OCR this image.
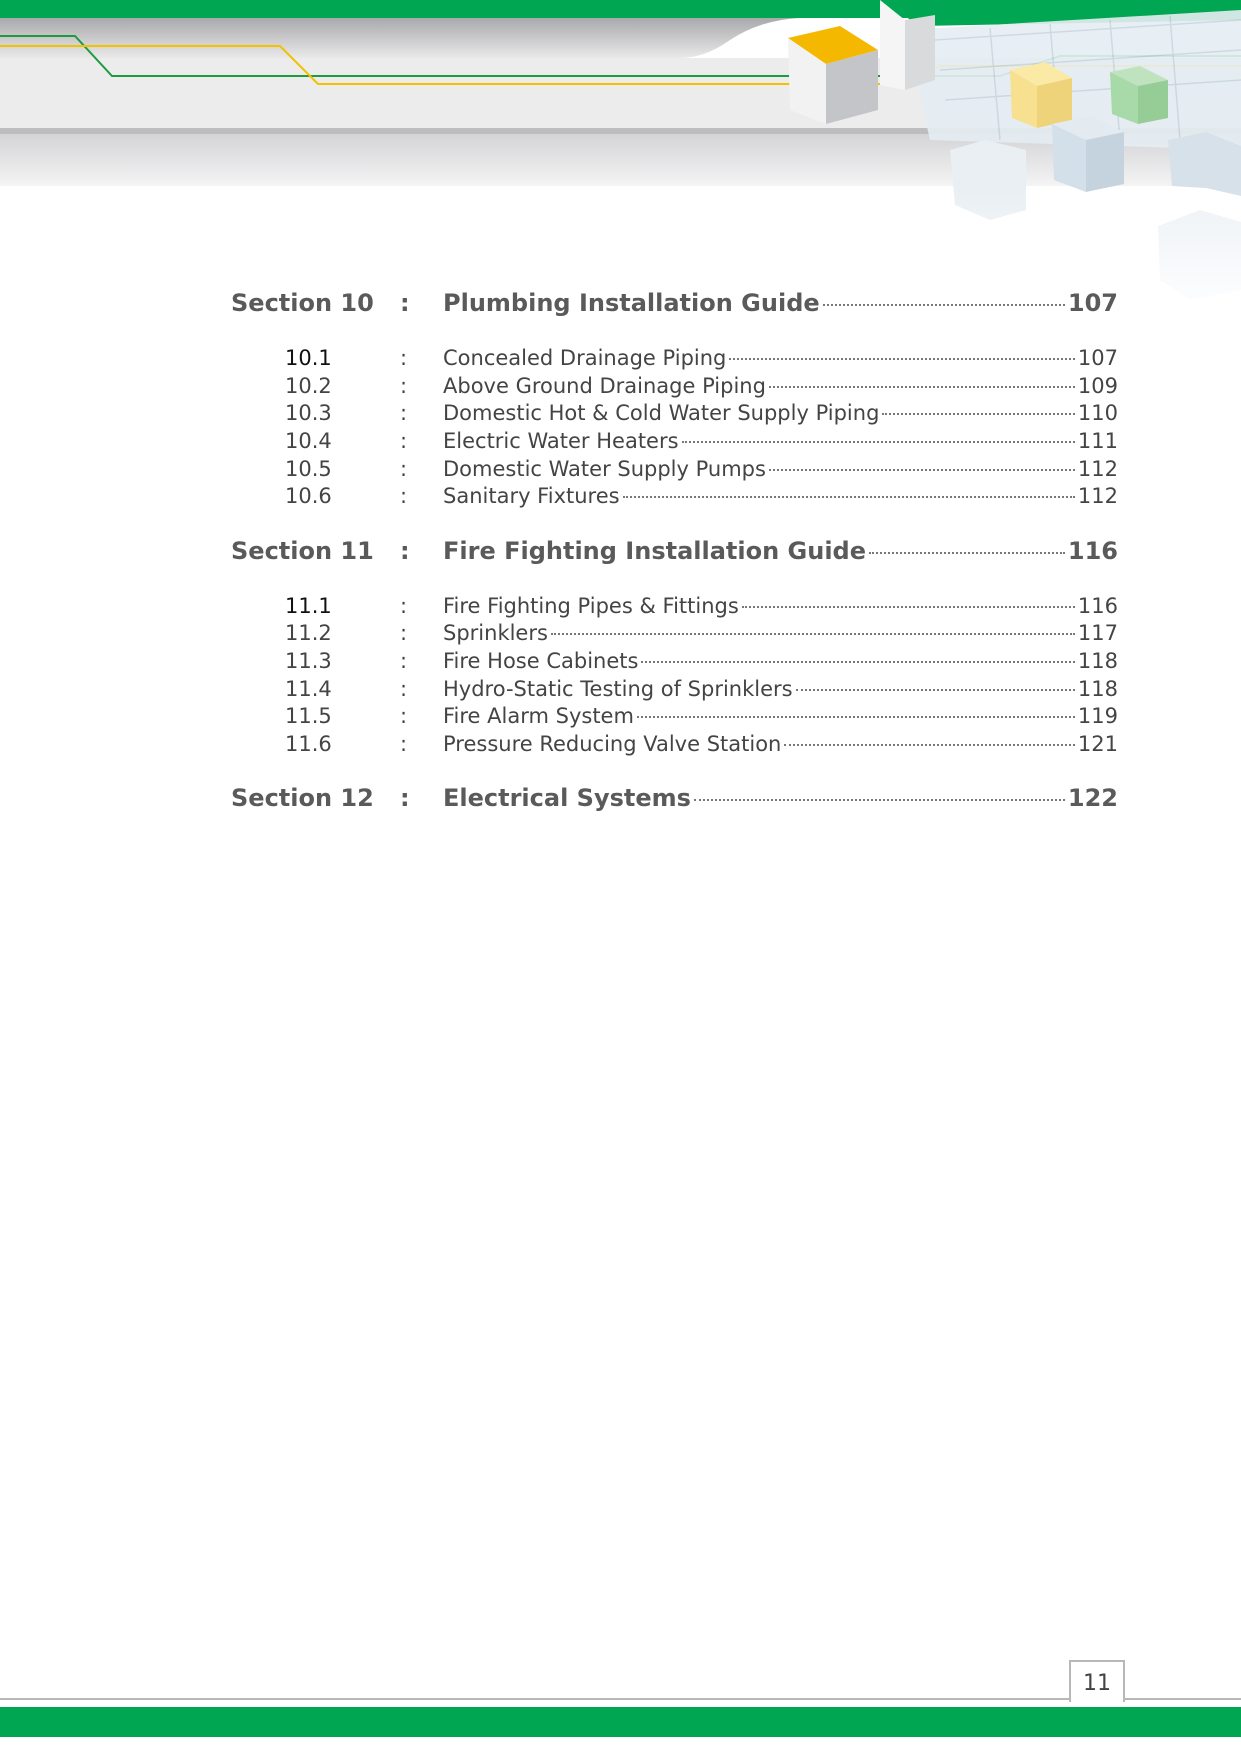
Section 10 : Plumbing Installation Guide	107
10.1	: Concealed Drainage Piping	107
10.2	: Above Ground Drainage Piping	109
10.3	: Domestic Hot & Cold Water Supply Piping	110
10.4	: Electric Water Heaters	111
10.5	: Domestic Water Supply Pumps	112
10.6	: Sanitary Fixtures	112
Section 11 : Fire Fighting Installation Guide	116
11.1	: Fire Fighting Pipes & Fittings	116
11.2	: Sprinklers	117
11.3	: Fire Hose Cabinets	118
11.4	: Hydro-Static Testing of Sprinklers	118
11.5	: Fire Alarm System	119
11.6	: Pressure Reducing Valve Station	121
Section 12 : Electrical Systems	122
11
